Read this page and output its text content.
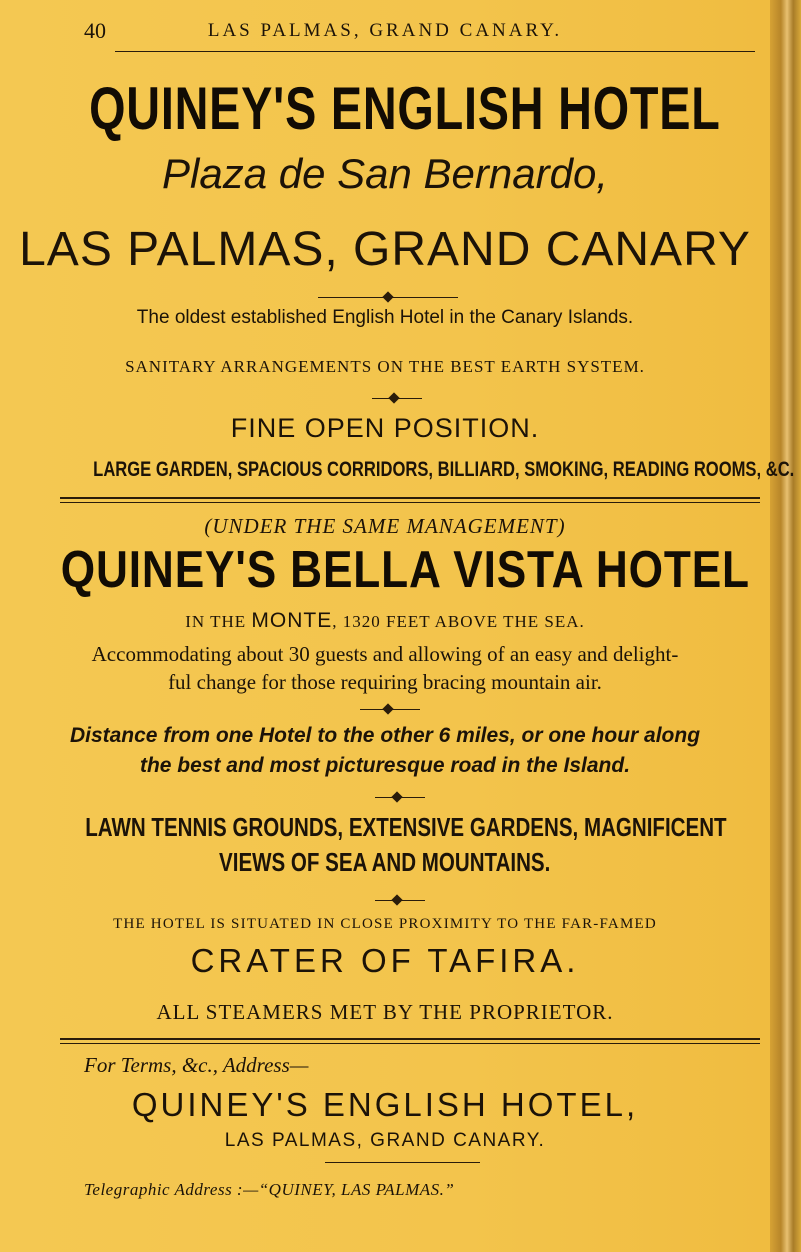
40	LAS PALMAS, GRAND CANARY.
QUINEY'S ENGLISH HOTEL
Plaza de San Bernardo,
LAS PALMAS, GRAND CANARY
The oldest established English Hotel in the Canary Islands.
SANITARY ARRANGEMENTS ON THE BEST EARTH SYSTEM.
FINE OPEN POSITION.
LARGE GARDEN, SPACIOUS CORRIDORS, BILLIARD, SMOKING, READING ROOMS, &C.
(UNDER THE SAME MANAGEMENT)
QUINEY'S BELLA VISTA HOTEL
IN THE MONTE, 1320 FEET ABOVE THE SEA.
Accommodating about 30 guests and allowing of an easy and delight-
ful change for those requiring bracing mountain air.
Distance from one Hotel to the other 6 miles, or one hour along
the best and most picturesque road in the Island.
LAWN TENNIS GROUNDS, EXTENSIVE GARDENS, MAGNIFICENT
VIEWS OF SEA AND MOUNTAINS.
THE HOTEL IS SITUATED IN CLOSE PROXIMITY TO THE FAR-FAMED
CRATER OF TAFIRA.
ALL STEAMERS MET BY THE PROPRIETOR.
For Terms, &c., Address—
QUINEY'S ENGLISH HOTEL,
LAS PALMAS, GRAND CANARY.
Telegraphic Address :—“QUINEY, LAS PALMAS.”
